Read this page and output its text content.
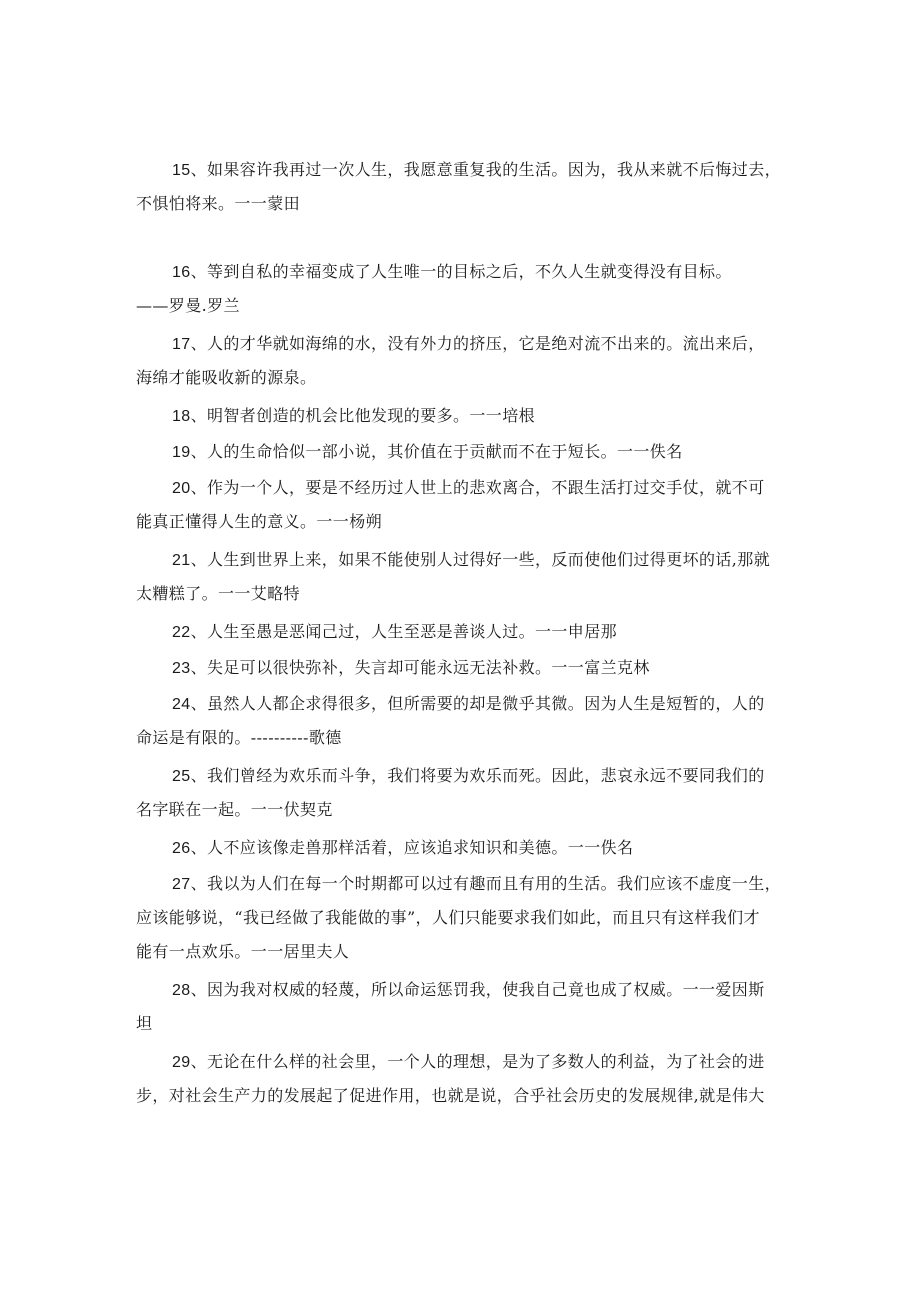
15、如果容许我再过一次人生，我愿意重复我的生活。因为，我从来就不后悔过去，
不惧怕将来。一一蒙田
16、等到自私的幸福变成了人生唯一的目标之后，不久人生就变得没有目标。
——罗曼.罗兰
17、人的才华就如海绵的水，没有外力的挤压，它是绝对流不出来的。流出来后，
海绵才能吸收新的源泉。
18、明智者创造的机会比他发现的要多。一一培根
19、人的生命恰似一部小说，其价值在于贡献而不在于短长。一一佚名
20、作为一个人，要是不经历过人世上的悲欢离合，不跟生活打过交手仗，就不可
能真正懂得人生的意义。一一杨朔
21、人生到世界上来，如果不能使别人过得好一些，反而使他们过得更坏的话,那就
太糟糕了。一一艾略特
22、人生至愚是恶闻己过，人生至恶是善谈人过。一一申居那
23、失足可以很快弥补，失言却可能永远无法补救。一一富兰克林
24、虽然人人都企求得很多，但所需要的却是微乎其微。因为人生是短暂的，人的
命运是有限的。----------歌德
25、我们曾经为欢乐而斗争，我们将要为欢乐而死。因此，悲哀永远不要同我们的
名字联在一起。一一伏契克
26、人不应该像走兽那样活着，应该追求知识和美德。一一佚名
27、我以为人们在每一个时期都可以过有趣而且有用的生活。我们应该不虚度一生，
应该能够说，“我已经做了我能做的事”，人们只能要求我们如此，而且只有这样我们才
能有一点欢乐。一一居里夫人
28、因为我对权威的轻蔑，所以命运惩罚我，使我自己竟也成了权威。一一爱因斯
坦
29、无论在什么样的社会里，一个人的理想，是为了多数人的利益，为了社会的进
步，对社会生产力的发展起了促进作用，也就是说，合乎社会历史的发展规律,就是伟大
